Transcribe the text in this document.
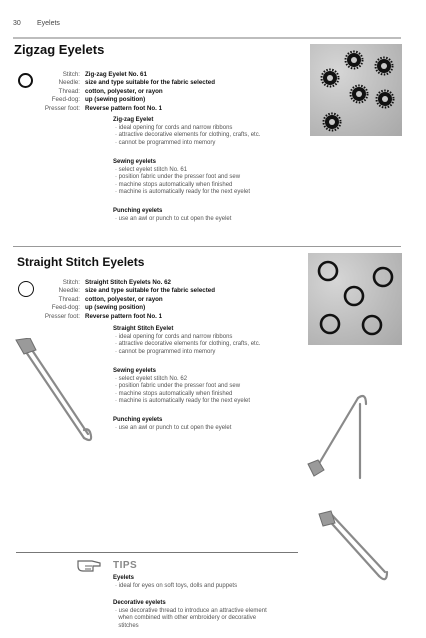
30 Eyelets
Zigzag Eyelets
Stitch: Zig-zag Eyelet No. 61
Needle: size and type suitable for the fabric selected
Thread: cotton, polyester, or rayon
Feed-dog: up (sewing position)
Presser foot: Reverse pattern foot No. 1
Zig-zag Eyelet
· ideal opening for cords and narrow ribbons
· attractive decorative elements for clothing, crafts, etc.
· cannot be programmed into memory
Sewing eyelets
· select eyelet stitch No. 61
· position fabric under the presser foot and sew
· machine stops automatically when finished
· machine is automatically ready for the next eyelet
Punching eyelets
· use an awl or punch to cut open the eyelet
Straight Stitch Eyelets
Stitch: Straight Stitch Eyelets No. 62
Needle: size and type suitable for the fabric selected
Thread: cotton, polyester, or rayon
Feed-dog: up (sewing position)
Presser foot: Reverse pattern foot No. 1
Straight Stitch Eyelet
· ideal opening for cords and narrow ribbons
· attractive decorative elements for clothing, crafts, etc.
· cannot be programmed into memory
Sewing eyelets
· select eyelet stitch No. 62
· position fabric under the presser foot and sew
· machine stops automatically when finished
· machine is automatically ready for the next eyelet
Punching eyelets
· use an awl or punch to cut open the eyelet
TIPS
Eyelets
· ideal for eyes on soft toys, dolls and puppets
Decorative eyelets
· use decorative thread to introduce an attractive element
when combined with other embroidery or decorative
stitches
